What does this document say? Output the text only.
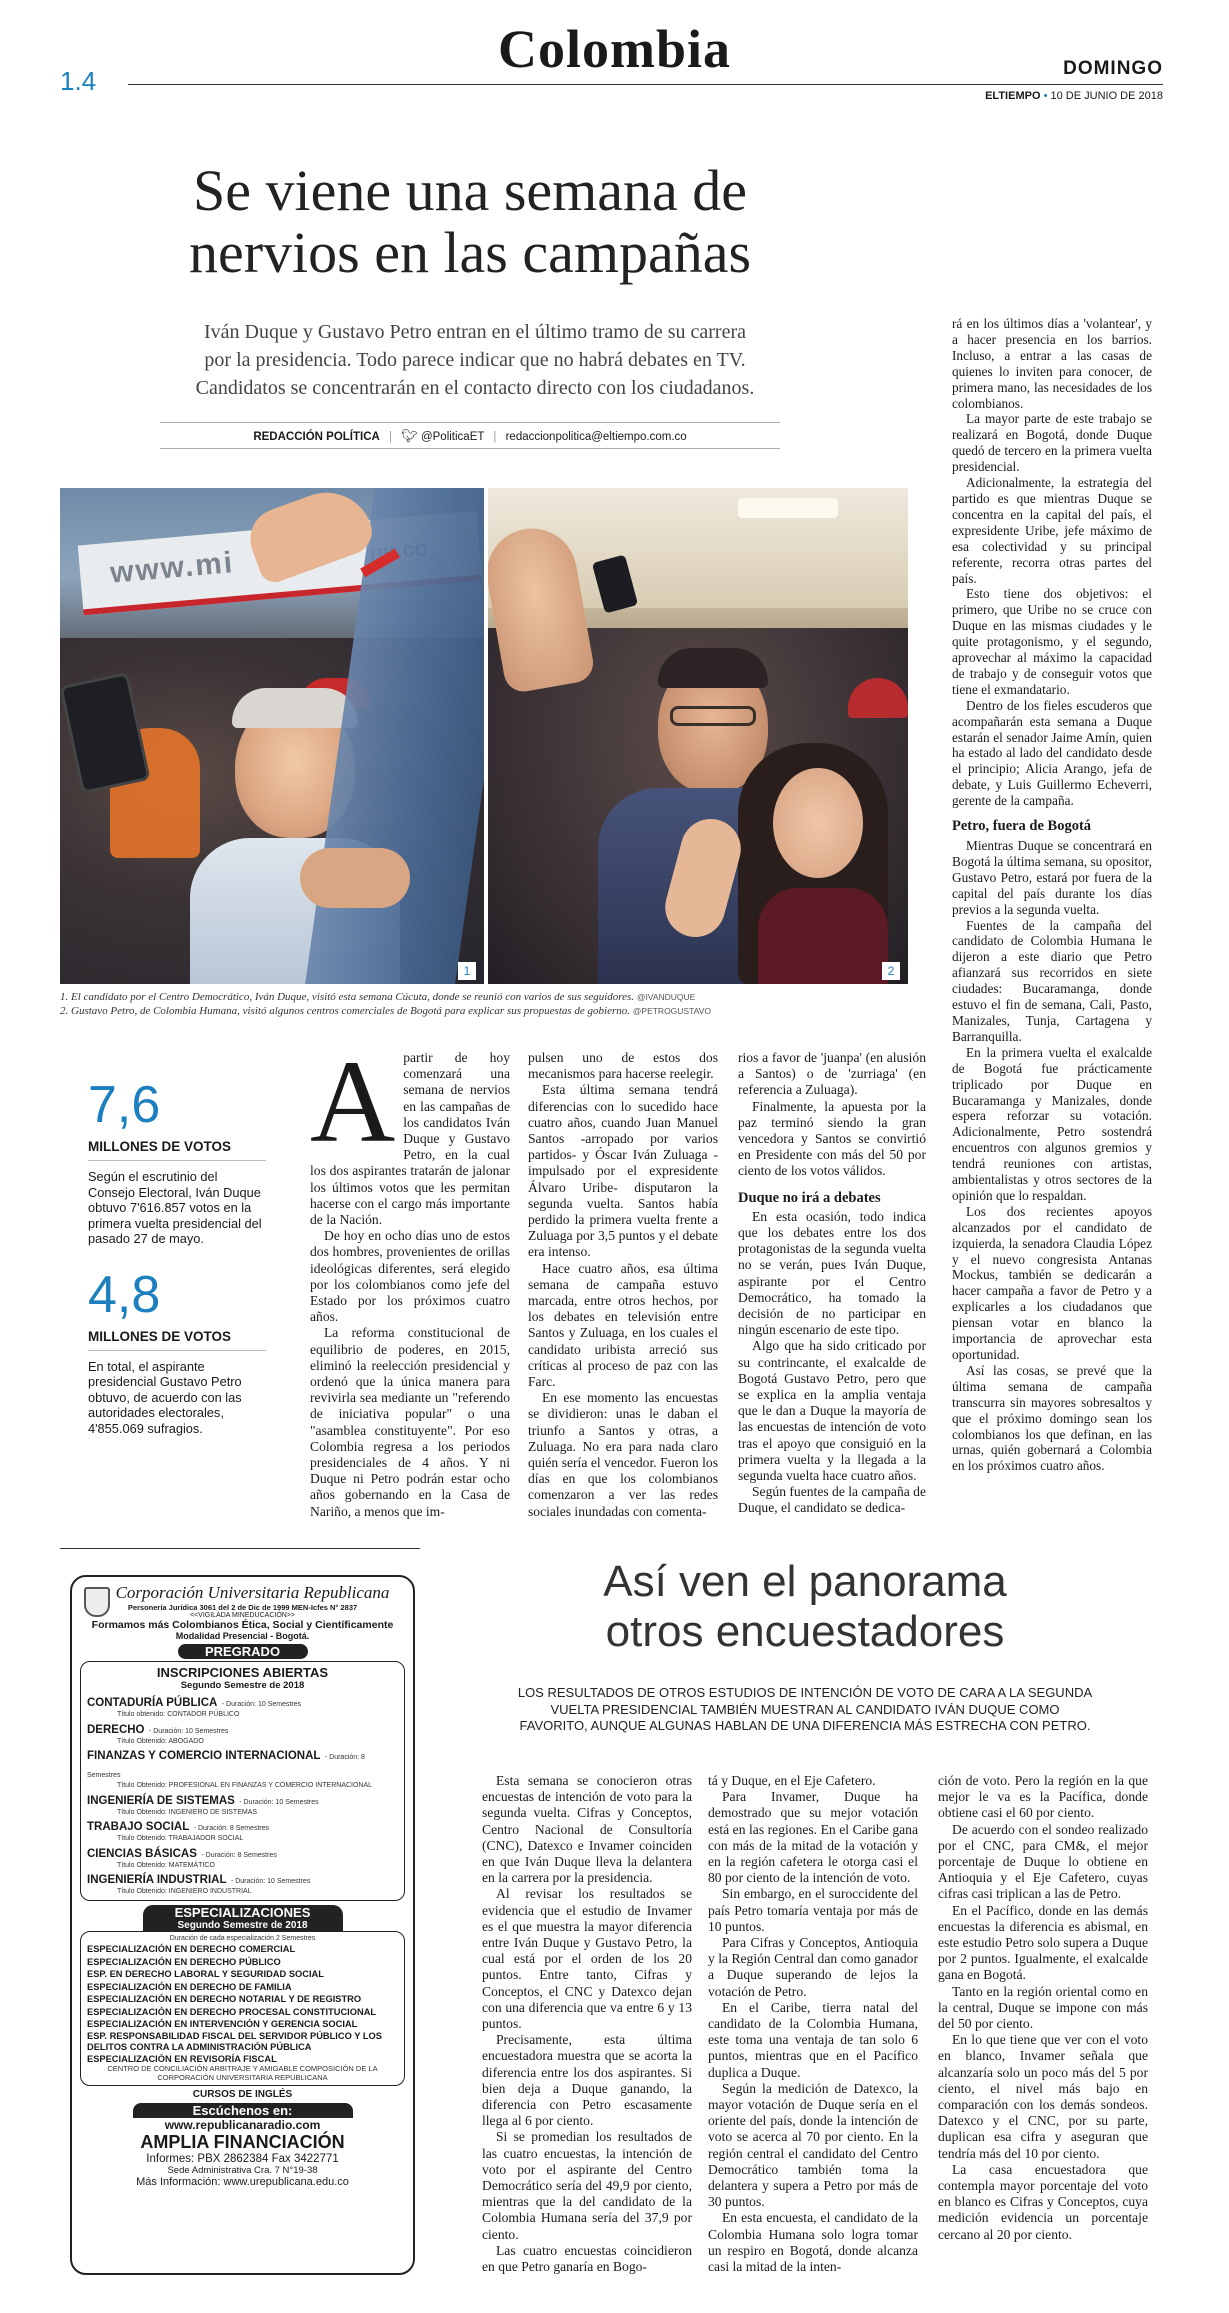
1.4
Colombia	DOMINGO
ELTIEMPO • 10 DE JUNIO DE 2018
Se viene una semana de
nervios en las campañas
Iván Duque y Gustavo Petro entran en el último tramo de su carrera
por la presidencia. Todo parece indicar que no habrá debates en TV.
Candidatos se concentrarán en el contacto directo con los ciudadanos.
REDACCIÓN POLÍTICA | 🐦︎ @PoliticaET | redaccionpolitica@eltiempo.com.co
www.mi
1	2
1. El candidato por el Centro Democrático, Iván Duque, visitó esta semana Cúcuta, donde se reunió con varios de sus seguidores. @IVANDUQUE
2. Gustavo Petro, de Colombia Humana, visitó algunos centros comerciales de Bogotá para explicar sus propuestas de gobierno. @PETROGUSTAVO
7,6
MILLONES DE VOTOS
Según el escrutinio del Consejo Electoral, Iván Duque obtuvo 7'616.857 votos en la primera vuelta presidencial del pasado 27 de mayo.
4,8
MILLONES DE VOTOS
En total, el aspirante presidencial Gustavo Petro obtuvo, de acuerdo con las autoridades electorales, 4'855.069 sufragios.
A partir de hoy comenzará una semana de nervios en las campañas de los candidatos Iván Duque y Gustavo Petro, en la cual los dos aspirantes tratarán de jalonar los últimos votos que les permitan hacerse con el cargo más importante de la Nación.

De hoy en ocho días uno de estos dos hombres, provenientes de orillas ideológicas diferentes, será elegido por los colombianos como jefe del Estado por los próximos cuatro años.

La reforma constitucional de equilibrio de poderes, en 2015, eliminó la reelección presidencial y ordenó que la única manera para revivirla sea mediante un "referendo de iniciativa popular" o una "asamblea constituyente". Por eso Colombia regresa a los periodos presidenciales de 4 años. Y ni Duque ni Petro podrán estar ocho años gobernando en la Casa de Nariño, a menos que im-

pulsen uno de estos dos mecanismos para hacerse reelegir.

Esta última semana tendrá diferencias con lo sucedido hace cuatro años, cuando Juan Manuel Santos -arropado por varios partidos- y Óscar Iván Zuluaga -impulsado por el expresidente Álvaro Uribe- disputaron la segunda vuelta. Santos había perdido la primera vuelta frente a Zuluaga por 3,5 puntos y el debate era intenso.

Hace cuatro años, esa última semana de campaña estuvo marcada, entre otros hechos, por los debates en televisión entre Santos y Zuluaga, en los cuales el candidato uribista arreció sus críticas al proceso de paz con las Farc.

En ese momento las encuestas se dividieron: unas le daban el triunfo a Santos y otras, a Zuluaga. No era para nada claro quién sería el vencedor. Fueron los días en que los colombianos comenzaron a ver las redes sociales inundadas con comenta-

rios a favor de 'juanpa' (en alusión a Santos) o de 'zurriaga' (en referencia a Zuluaga).

Finalmente, la apuesta por la paz terminó siendo la gran vencedora y Santos se convirtió en Presidente con más del 50 por ciento de los votos válidos.

Duque no irá a debates

En esta ocasión, todo indica que los debates entre los dos protagonistas de la segunda vuelta no se verán, pues Iván Duque, aspirante por el Centro Democrático, ha tomado la decisión de no participar en ningún escenario de este tipo.

Algo que ha sido criticado por su contrincante, el exalcalde de Bogotá Gustavo Petro, pero que se explica en la amplia ventaja que le dan a Duque la mayoría de las encuestas de intención de voto tras el apoyo que consiguió en la primera vuelta y la llegada a la segunda vuelta hace cuatro años.

Según fuentes de la campaña de Duque, el candidato se dedica-

rá en los últimos días a 'volantear', y a hacer presencia en los barrios. Incluso, a entrar a las casas de quienes lo inviten para conocer, de primera mano, las necesidades de los colombianos.

La mayor parte de este trabajo se realizará en Bogotá, donde Duque quedó de tercero en la primera vuelta presidencial.

Adicionalmente, la estrategia del partido es que mientras Duque se concentra en la capital del país, el expresidente Uribe, jefe máximo de esa colectividad y su principal referente, recorra otras partes del país.

Esto tiene dos objetivos: el primero, que Uribe no se cruce con Duque en las mismas ciudades y le quite protagonismo, y el segundo, aprovechar al máximo la capacidad de trabajo y de conseguir votos que tiene el exmandatario.

Dentro de los fieles escuderos que acompañarán esta semana a Duque estarán el senador Jaime Amín, quien ha estado al lado del candidato desde el principio; Alicia Arango, jefa de debate, y Luis Guillermo Echeverri, gerente de la campaña.

Petro, fuera de Bogotá

Mientras Duque se concentrará en Bogotá la última semana, su opositor, Gustavo Petro, estará por fuera de la capital del país durante los días previos a la segunda vuelta.

Fuentes de la campaña del candidato de Colombia Humana le dijeron a este diario que Petro afianzará sus recorridos en siete ciudades: Bucaramanga, donde estuvo el fin de semana, Cali, Pasto, Manizales, Tunja, Cartagena y Barranquilla.

En la primera vuelta el exalcalde de Bogotá fue prácticamente triplicado por Duque en Bucaramanga y Manizales, donde espera reforzar su votación. Adicionalmente, Petro sostendrá encuentros con algunos gremios y tendrá reuniones con artistas, ambientalistas y otros sectores de la opinión que lo respaldan.

Los dos recientes apoyos alcanzados por el candidato de izquierda, la senadora Claudia López y el nuevo congresista Antanas Mockus, también se dedicarán a hacer campaña a favor de Petro y a explicarles a los ciudadanos que piensan votar en blanco la importancia de aprovechar esta oportunidad.

Así las cosas, se prevé que la última semana de campaña transcurra sin mayores sobresaltos y que el próximo domingo sean los colombianos los que definan, en las urnas, quién gobernará a Colombia en los próximos cuatro años.

Corporación Universitaria Republicana
Personería Jurídica 3061 del 2 de Dic de 1999 MEN-Icfes N° 2837
<<VIGILADA MINEDUCACIÓN>>
Formamos más Colombianos Ética, Social y Científicamente
Modalidad Presencial - Bogotá.
PREGRADO
INSCRIPCIONES ABIERTAS
Segundo Semestre de 2018
CONTADURÍA PÚBLICA - Duración: 10 Semestres
Título obtenido: CONTADOR PÚBLICO
DERECHO - Duración: 10 Semestres
Título Obtenido: ABOGADO
FINANZAS Y COMERCIO INTERNACIONAL - Duración: 8 Semestres
Título Obtenido: PROFESIONAL EN FINANZAS Y COMERCIO INTERNACIONAL
INGENIERÍA DE SISTEMAS - Duración: 10 Semestres
Título Obtenido: INGENIERO DE SISTEMAS
TRABAJO SOCIAL - Duración: 8 Semestres
Título Obtenido: TRABAJADOR SOCIAL
CIENCIAS BÁSICAS - Duración: 8 Semestres
Título Obtenido: MATEMÁTICO
INGENIERÍA INDUSTRIAL - Duración: 10 Semestres
Título Obtenido: INGENIERO INDUSTRIAL
ESPECIALIZACIONES
Segundo Semestre de 2018
Duración de cada especialización 2 Semestres
ESPECIALIZACIÓN EN DERECHO COMERCIAL
ESPECIALIZACIÓN EN DERECHO PÚBLICO
ESP. EN DERECHO LABORAL Y SEGURIDAD SOCIAL
ESPECIALIZACIÓN EN DERECHO DE FAMILIA
ESPECIALIZACIÓN EN DERECHO NOTARIAL Y DE REGISTRO
ESPECIALIZACIÓN EN DERECHO PROCESAL CONSTITUCIONAL
ESPECIALIZACIÓN EN INTERVENCIÓN Y GERENCIA SOCIAL
ESP. RESPONSABILIDAD FISCAL DEL SERVIDOR PÚBLICO Y LOS DELITOS CONTRA LA ADMINISTRACIÓN PÚBLICA
ESPECIALIZACIÓN EN REVISORÍA FISCAL
CENTRO DE CONCILIACIÓN ARBITRAJE Y AMIGABLE COMPOSICIÓN DE LA CORPORACIÓN UNIVERSITARIA REPUBLICANA
CURSOS DE INGLÉS
Escúchenos en:
www.republicanaradio.com
AMPLIA FINANCIACIÓN
Informes: PBX 2862384 Fax 3422771
Sede Administrativa Cra. 7 N°19-38
Más Información: www.urepublicana.edu.co
Así ven el panorama
otros encuestadores
LOS RESULTADOS DE OTROS ESTUDIOS DE INTENCIÓN DE VOTO DE CARA A LA SEGUNDA
VUELTA PRESIDENCIAL TAMBIÉN MUESTRAN AL CANDIDATO IVÁN DUQUE COMO
FAVORITO, AUNQUE ALGUNAS HABLAN DE UNA DIFERENCIA MÁS ESTRECHA CON PETRO.

Esta semana se conocieron otras encuestas de intención de voto para la segunda vuelta. Cifras y Conceptos, Centro Nacional de Consultoría (CNC), Datexco e Invamer coinciden en que Iván Duque lleva la delantera en la carrera por la presidencia.

Al revisar los resultados se evidencia que el estudio de Invamer es el que muestra la mayor diferencia entre Iván Duque y Gustavo Petro, la cual está por el orden de los 20 puntos. Entre tanto, Cifras y Conceptos, el CNC y Datexco dejan con una diferencia que va entre 6 y 13 puntos.

Precisamente, esta última encuestadora muestra que se acorta la diferencia entre los dos aspirantes. Si bien deja a Duque ganando, la diferencia con Petro escasamente llega al 6 por ciento.

Si se promedian los resultados de las cuatro encuestas, la intención de voto por el aspirante del Centro Democrático sería del 49,9 por ciento, mientras que la del candidato de la Colombia Humana sería del 37,9 por ciento.

Las cuatro encuestas coincidieron en que Petro ganaría en Bogo-

tá y Duque, en el Eje Cafetero.

Para Invamer, Duque ha demostrado que su mejor votación está en las regiones. En el Caribe gana con más de la mitad de la votación y en la región cafetera le otorga casi el 80 por ciento de la intención de voto.

Sin embargo, en el suroccidente del país Petro tomaría ventaja por más de 10 puntos.

Para Cifras y Conceptos, Antioquia y la Región Central dan como ganador a Duque superando de lejos la votación de Petro.

En el Caribe, tierra natal del candidato de la Colombia Humana, este toma una ventaja de tan solo 6 puntos, mientras que en el Pacífico duplica a Duque.

Según la medición de Datexco, la mayor votación de Duque sería en el oriente del país, donde la intención de voto se acerca al 70 por ciento. En la región central el candidato del Centro Democrático también toma la delantera y supera a Petro por más de 30 puntos.

En esta encuesta, el candidato de la Colombia Humana solo logra tomar un respiro en Bogotá, donde alcanza casi la mitad de la inten-

ción de voto. Pero la región en la que mejor le va es la Pacífica, donde obtiene casi el 60 por ciento.

De acuerdo con el sondeo realizado por el CNC, para CM&, el mejor porcentaje de Duque lo obtiene en Antioquia y el Eje Cafetero, cuyas cifras casi triplican a las de Petro.

En el Pacífico, donde en las demás encuestas la diferencia es abismal, en este estudio Petro solo supera a Duque por 2 puntos. Igualmente, el exalcalde gana en Bogotá.

Tanto en la región oriental como en la central, Duque se impone con más del 50 por ciento.

En lo que tiene que ver con el voto en blanco, Invamer señala que alcanzaría solo un poco más del 5 por ciento, el nivel más bajo en comparación con los demás sondeos. Datexco y el CNC, por su parte, duplican esa cifra y aseguran que tendría más del 10 por ciento.

La casa encuestadora que contempla mayor porcentaje del voto en blanco es Cifras y Conceptos, cuya medición evidencia un porcentaje cercano al 20 por ciento.
